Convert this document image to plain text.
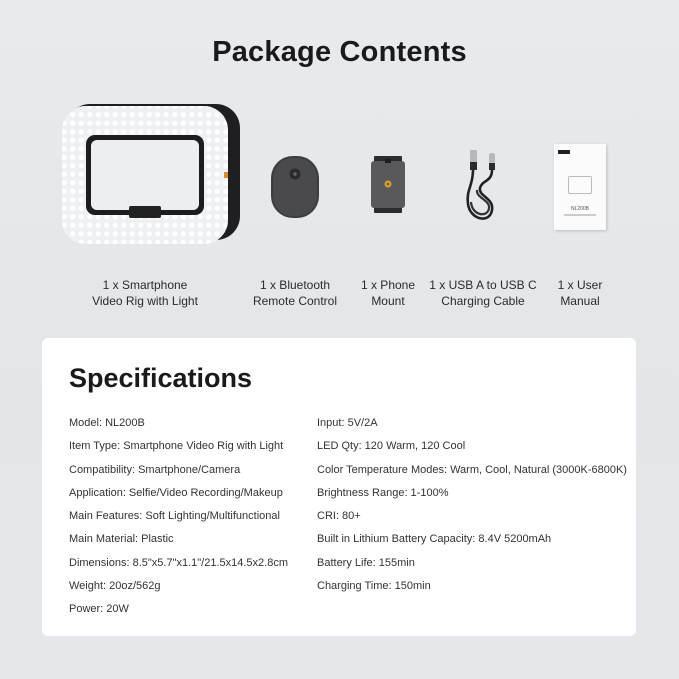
Package Contents
1 x Smartphone
Video Rig with Light
1 x Bluetooth
Remote Control
1 x Phone
Mount
1 x USB A to USB C
Charging Cable
NL200B
1 x User
Manual
Specifications
Model: NL200B
Item Type: Smartphone Video Rig with Light
Compatibility: Smartphone/Camera
Application: Selfie/Video Recording/Makeup
Main Features: Soft Lighting/Multifunctional
Main Material: Plastic
Dimensions: 8.5"x5.7"x1.1"/21.5x14.5x2.8cm
Weight: 20oz/562g
Power: 20W
Input: 5V/2A
LED Qty: 120 Warm, 120 Cool
Color Temperature Modes: Warm, Cool, Natural (3000K-6800K)
Brightness Range: 1-100%
CRI: 80+
Built in Lithium Battery Capacity: 8.4V 5200mAh
Battery Life: 155min
Charging Time: 150min
